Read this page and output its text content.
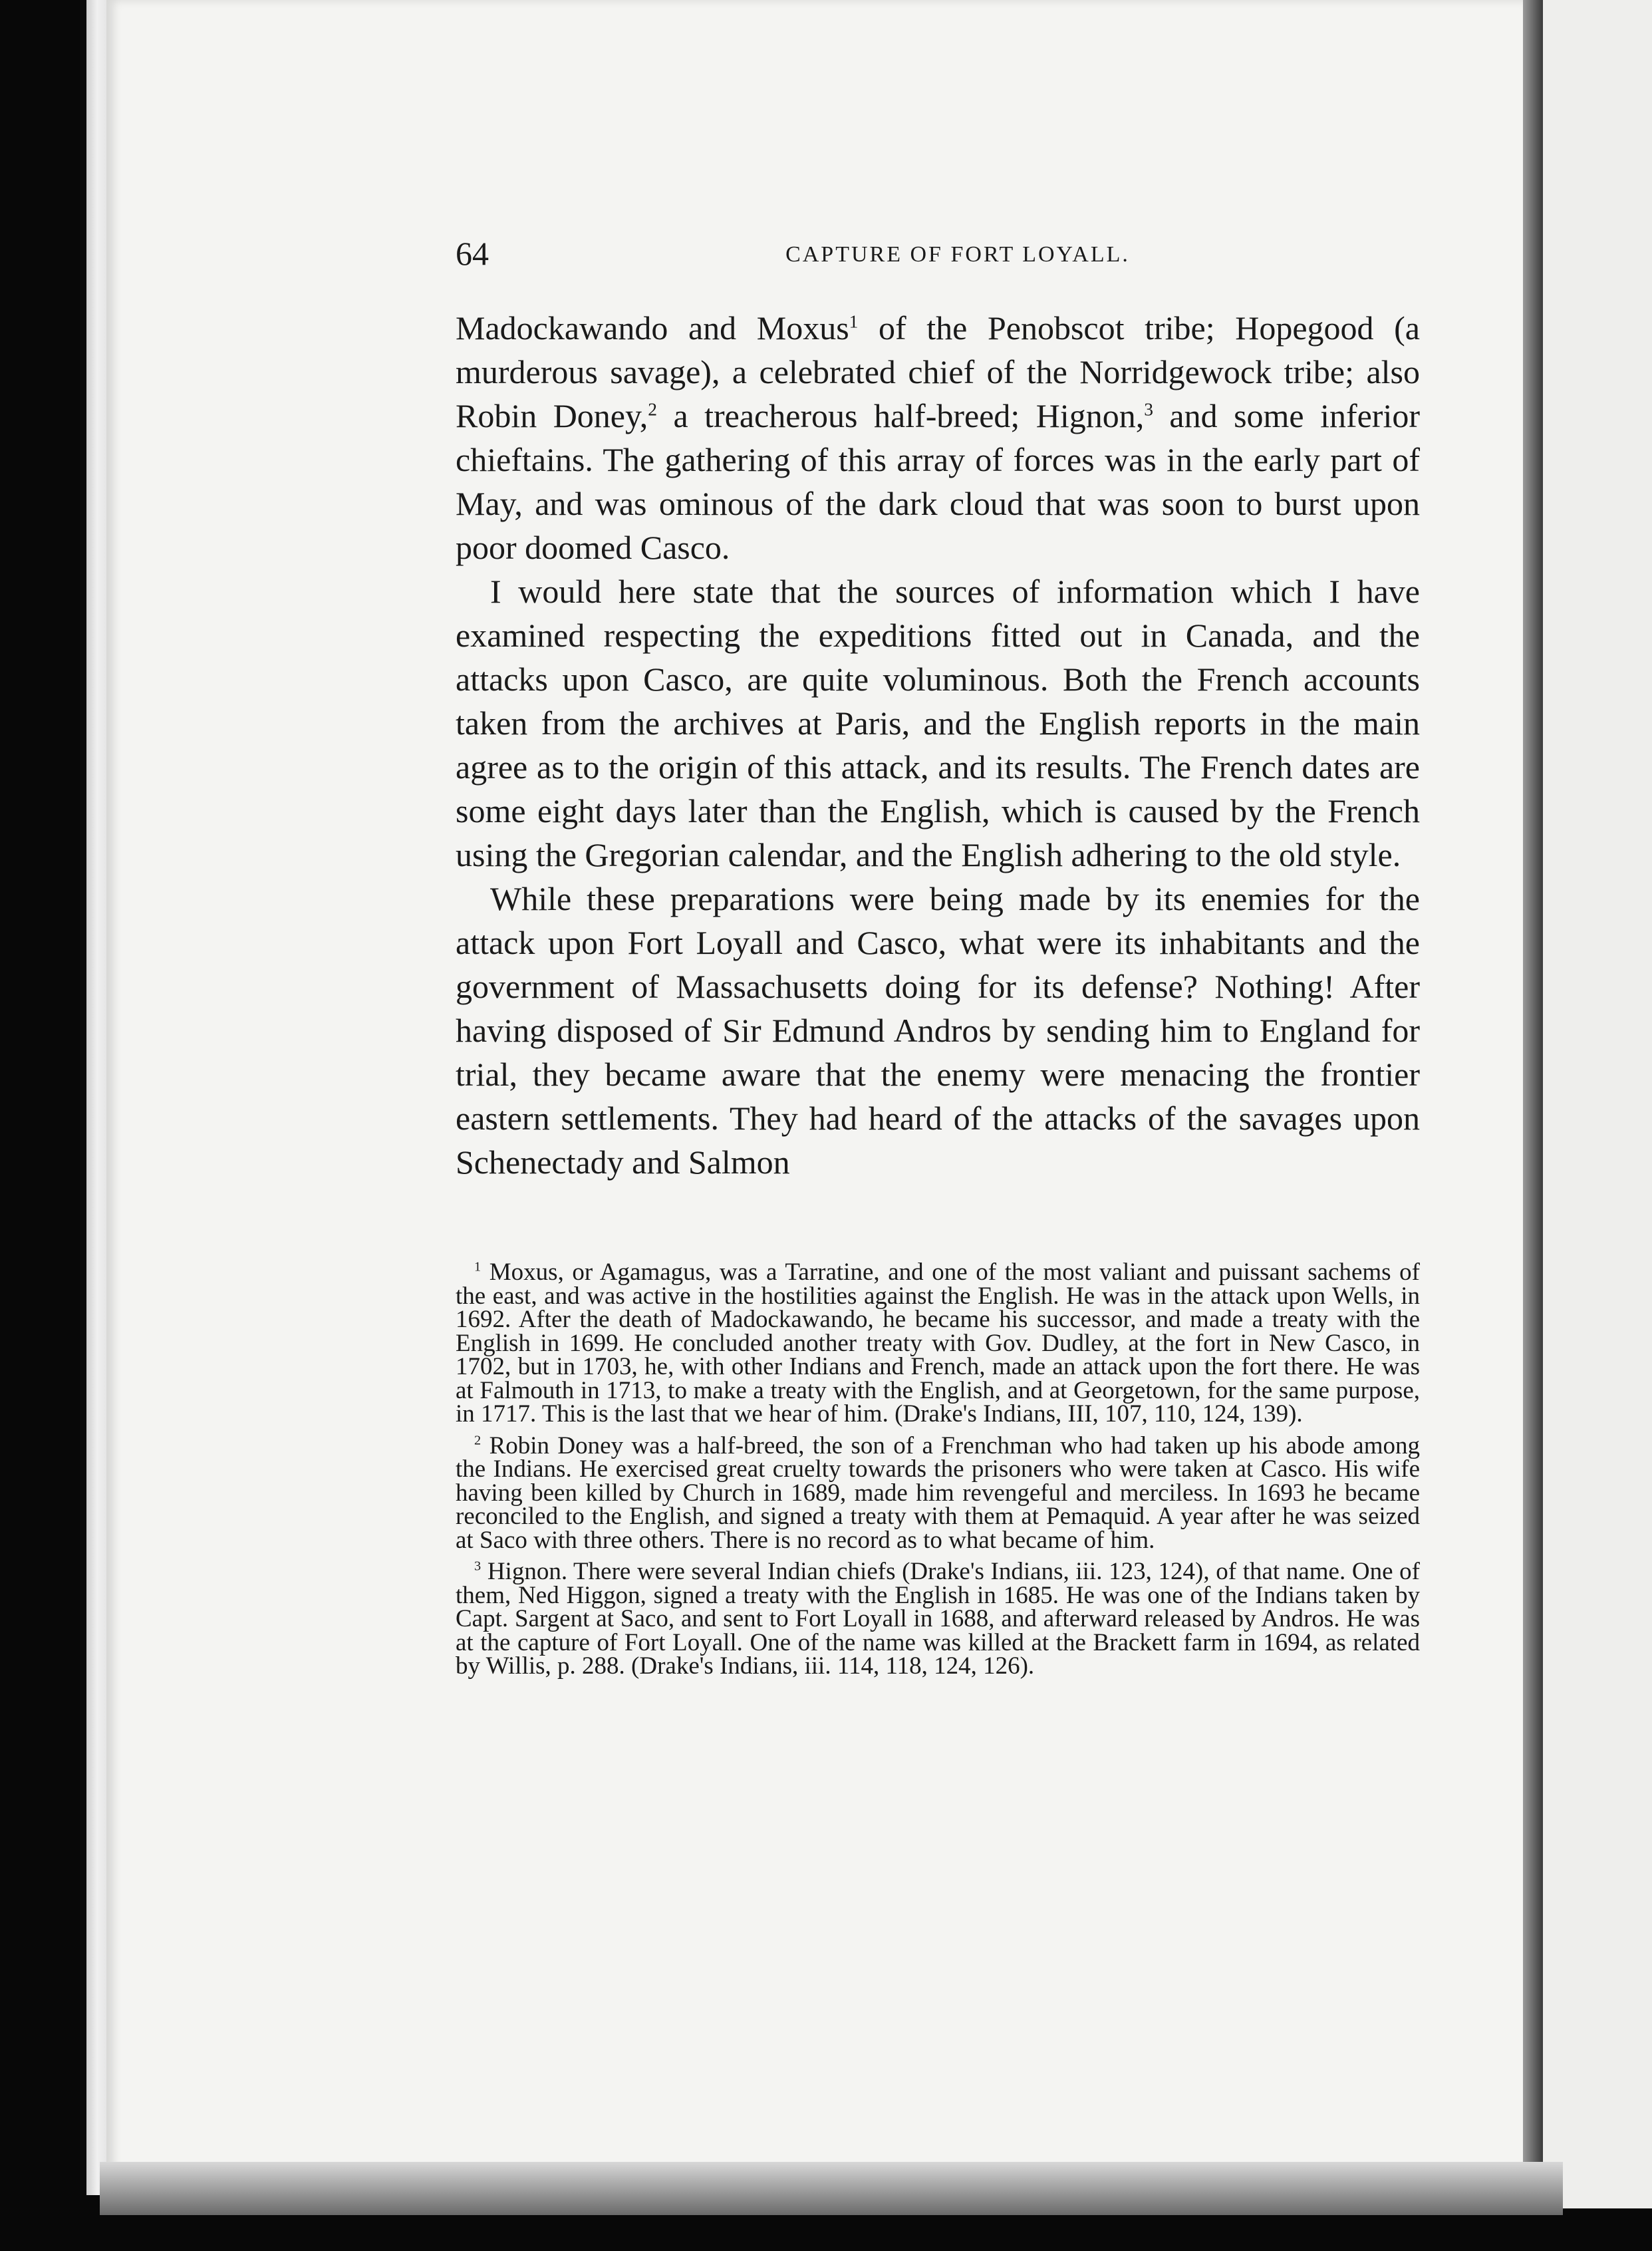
64	CAPTURE OF FORT LOYALL.

Madockawando and Moxus$^1$ of the Penobscot tribe; Hopegood (a murderous savage), a celebrated chief of the Norridgewock tribe; also Robin Doney,$^2$ a treacherous half-breed; Hignon,$^3$ and some inferior chieftains. The gathering of this array of forces was in the early part of May, and was ominous of the dark cloud that was soon to burst upon poor doomed Casco.

I would here state that the sources of information which I have examined respecting the expeditions fitted out in Canada, and the attacks upon Casco, are quite voluminous. Both the French accounts taken from the archives at Paris, and the English reports in the main agree as to the origin of this attack, and its results. The French dates are some eight days later than the English, which is caused by the French using the Gregorian calendar, and the English adhering to the old style.

While these preparations were being made by its enemies for the attack upon Fort Loyall and Casco, what were its inhabitants and the government of Massachusetts doing for its defense? Nothing! After having disposed of Sir Edmund Andros by sending him to England for trial, they became aware that the enemy were menacing the frontier eastern settlements. They had heard of the attacks of the savages upon Schenectady and Salmon

$^1$ Moxus, or Agamagus, was a Tarratine, and one of the most valiant and puissant sachems of the east, and was active in the hostilities against the English. He was in the attack upon Wells, in 1692. After the death of Madockawando, he became his successor, and made a treaty with the English in 1699. He concluded another treaty with Gov. Dudley, at the fort in New Casco, in 1702, but in 1703, he, with other Indians and French, made an attack upon the fort there. He was at Falmouth in 1713, to make a treaty with the English, and at Georgetown, for the same purpose, in 1717. This is the last that we hear of him. (Drake's Indians, III, 107, 110, 124, 139).

$^2$ Robin Doney was a half-breed, the son of a Frenchman who had taken up his abode among the Indians. He exercised great cruelty towards the prisoners who were taken at Casco. His wife having been killed by Church in 1689, made him revengeful and merciless. In 1693 he became reconciled to the English, and signed a treaty with them at Pemaquid. A year after he was seized at Saco with three others. There is no record as to what became of him.

$^3$ Hignon. There were several Indian chiefs (Drake's Indians, iii. 123, 124), of that name. One of them, Ned Higgon, signed a treaty with the English in 1685. He was one of the Indians taken by Capt. Sargent at Saco, and sent to Fort Loyall in 1688, and afterward released by Andros. He was at the capture of Fort Loyall. One of the name was killed at the Brackett farm in 1694, as related by Willis, p. 288. (Drake's Indians, iii. 114, 118, 124, 126).
